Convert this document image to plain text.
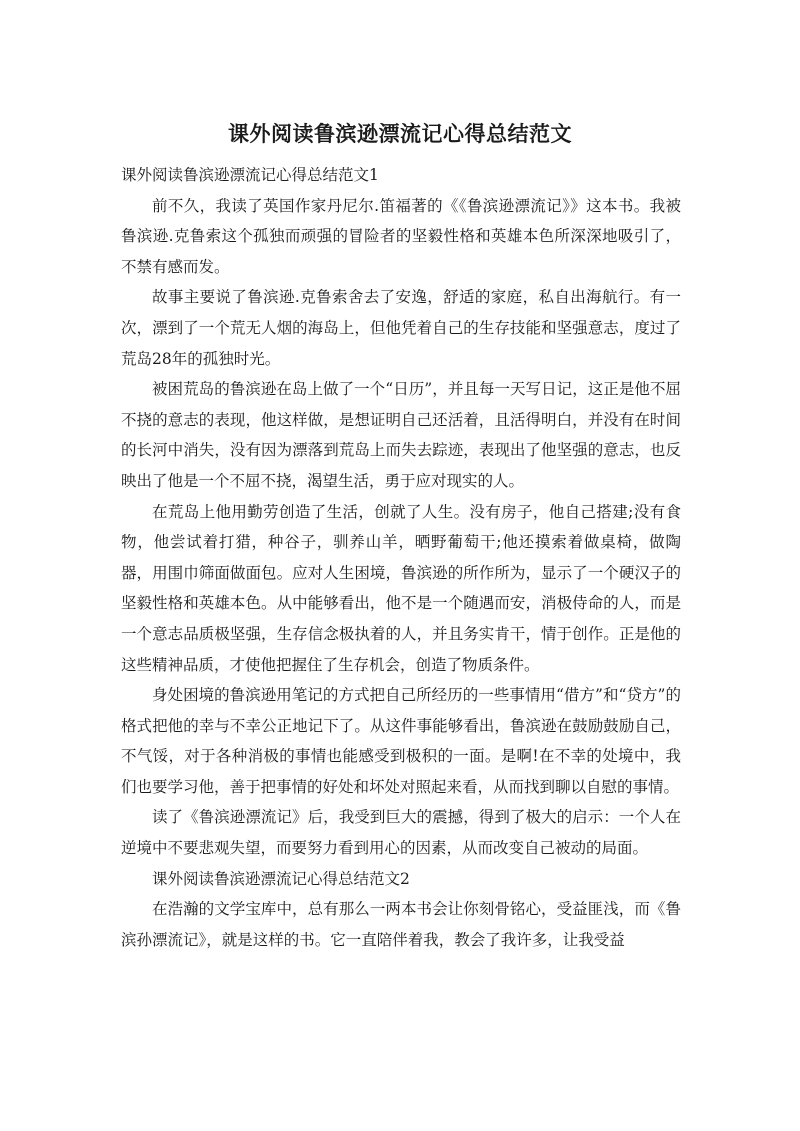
课外阅读鲁滨逊漂流记心得总结范文

课外阅读鲁滨逊漂流记心得总结范文1

前不久，我读了英国作家丹尼尔.笛福著的《《鲁滨逊漂流记》》这本书。我被鲁滨逊.克鲁索这个孤独而顽强的冒险者的坚毅性格和英雄本色所深深地吸引了，不禁有感而发。

故事主要说了鲁滨逊.克鲁索舍去了安逸，舒适的家庭，私自出海航行。有一次，漂到了一个荒无人烟的海岛上，但他凭着自己的生存技能和坚强意志，度过了荒岛28年的孤独时光。

被困荒岛的鲁滨逊在岛上做了一个“日历”，并且每一天写日记，这正是他不屈不挠的意志的表现，他这样做，是想证明自己还活着，且活得明白，并没有在时间的长河中消失，没有因为漂落到荒岛上而失去踪迹，表现出了他坚强的意志，也反映出了他是一个不屈不挠，渴望生活，勇于应对现实的人。

在荒岛上他用勤劳创造了生活，创就了人生。没有房子，他自己搭建;没有食物，他尝试着打猎，种谷子，驯养山羊，晒野葡萄干;他还摸索着做桌椅，做陶器，用围巾筛面做面包。应对人生困境，鲁滨逊的所作所为，显示了一个硬汉子的坚毅性格和英雄本色。从中能够看出，他不是一个随遇而安，消极侍命的人，而是一个意志品质极坚强，生存信念极执着的人，并且务实肯干，情于创作。正是他的这些精神品质，才使他把握住了生存机会，创造了物质条件。

身处困境的鲁滨逊用笔记的方式把自己所经历的一些事情用“借方”和“贷方”的格式把他的幸与不幸公正地记下了。从这件事能够看出，鲁滨逊在鼓励鼓励自己，不气馁，对于各种消极的事情也能感受到极积的一面。是啊!在不幸的处境中，我们也要学习他，善于把事情的好处和坏处对照起来看，从而找到聊以自慰的事情。

读了《鲁滨逊漂流记》后，我受到巨大的震撼，得到了极大的启示：一个人在逆境中不要悲观失望，而要努力看到用心的因素，从而改变自己被动的局面。

课外阅读鲁滨逊漂流记心得总结范文2

在浩瀚的文学宝库中，总有那么一两本书会让你刻骨铭心，受益匪浅，而《鲁滨孙漂流记》，就是这样的书。它一直陪伴着我，教会了我许多，让我受益
